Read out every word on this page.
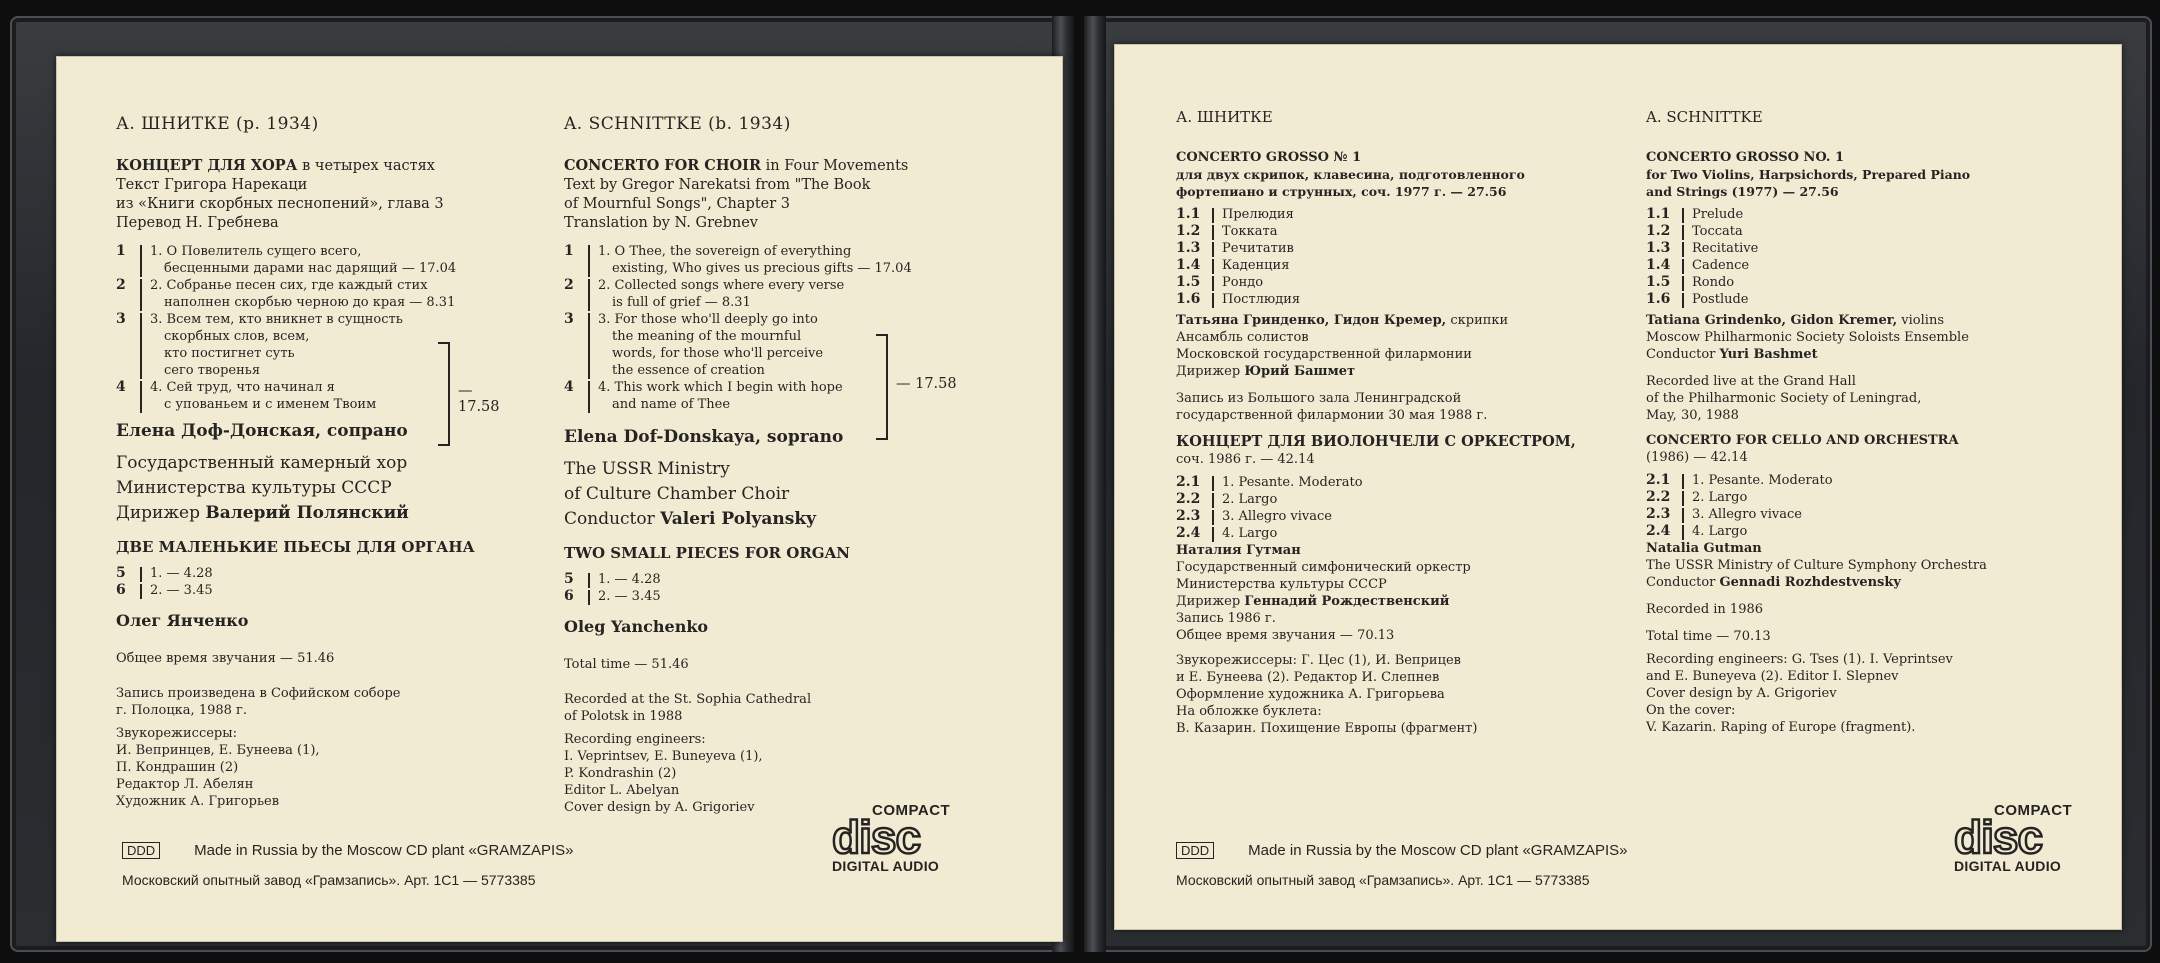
А. ШНИТКЕ (р. 1934)
КОНЦЕРТ ДЛЯ ХОРА в четырех частях
Текст Григора Нарекаци
из «Книги скорбных песнопений», глава 3
Перевод Н. Гребнева
1	1. О Повелитель сущего всего,
бесценными дарами нас дарящий — 17.04
2	2. Собранье песен сих, где каждый стих
наполнен скорбью черною до края — 8.31
3	3. Всем тем, кто вникнет в сущность
скорбных слов, всем,
кто постигнет суть
сего творенья
4	4. Сей труд, что начинал я
с упованьем и с именем Твоим
— 17.58
Елена Доф-Донская, сопрано
Государственный камерный хор
Министерства культуры СССР
Дирижер Валерий Полянский
ДВЕ МАЛЕНЬКИЕ ПЬЕСЫ ДЛЯ ОРГАНА
5	1. — 4.28
6	2. — 3.45
Олег Янченко
Общее время звучания — 51.46
Запись произведена в Софийском соборе
г. Полоцка, 1988 г.
Звукорежиссеры:
И. Вепринцев, Е. Бунеева (1),
П. Кондрашин (2)
Редактор Л. Абелян
Художник А. Григорьев
A. SCHNITTKE (b. 1934)
CONCERTO FOR CHOIR in Four Movements
Text by Gregor Narekatsi from "The Book
of Mournful Songs", Chapter 3
Translation by N. Grebnev
1	1. O Thee, the sovereign of everything
existing, Who gives us precious gifts — 17.04
2	2. Collected songs where every verse
is full of grief — 8.31
3	3. For those who'll deeply go into
the meaning of the mournful
words, for those who'll perceive
the essence of creation
4	4. This work which I begin with hope
and name of Thee
— 17.58
Elena Dof-Donskaya, soprano
The USSR Ministry
of Culture Chamber Choir
Conductor Valeri Polyansky
TWO SMALL PIECES FOR ORGAN
5	1. — 4.28
6	2. — 3.45
Oleg Yanchenko
Total time — 51.46
Recorded at the St. Sophia Cathedral
of Polotsk in 1988
Recording engineers:
I. Veprintsev, E. Buneyeva (1),
P. Kondrashin (2)
Editor L. Abelyan
Cover design by A. Grigoriev	COMPACT
disc
DIGITAL AUDIO
DDD	Made in Russia by the Moscow CD plant «GRAMZAPIS»
Московский опытный завод «Грамзапись». Арт. 1С1 — 5773385
А. ШНИТКЕ
CONCERTO GROSSO № 1
для двух скрипок, клавесина, подготовленного
фортепиано и струнных, соч. 1977 г. — 27.56
1.1	Прелюдия
1.2	Токката
1.3	Речитатив
1.4	Каденция
1.5	Рондо
1.6	Постлюдия
Татьяна Гринденко, Гидон Кремер, скрипки
Ансамбль солистов
Московской государственной филармонии
Дирижер Юрий Башмет
Запись из Большого зала Ленинградской
государственной филармонии 30 мая 1988 г.
КОНЦЕРТ ДЛЯ ВИОЛОНЧЕЛИ С ОРКЕСТРОМ,
соч. 1986 г. — 42.14
2.1	1. Pesante. Moderato
2.2	2. Largo
2.3	3. Allegro vivace
2.4	4. Largo
Наталия Гутман
Государственный симфонический оркестр
Министерства культуры СССР
Дирижер Геннадий Рождественский
Запись 1986 г.
Общее время звучания — 70.13
Звукорежиссеры: Г. Цес (1), И. Веприцев
и Е. Бунеева (2). Редактор И. Слепнев
Оформление художника А. Григорьева
На обложке буклета:
В. Казарин. Похищение Европы (фрагмент)
A. SCHNITTKE
CONCERTO GROSSO NO. 1
for Two Violins, Harpsichords, Prepared Piano
and Strings (1977) — 27.56
1.1	Prelude
1.2	Toccata
1.3	Recitative
1.4	Cadence
1.5	Rondo
1.6	Postlude
Tatiana Grindenko, Gidon Kremer, violins
Moscow Philharmonic Society Soloists Ensemble
Conductor Yuri Bashmet
Recorded live at the Grand Hall
of the Philharmonic Society of Leningrad,
May, 30, 1988
CONCERTO FOR CELLO AND ORCHESTRA
(1986) — 42.14
2.1	1. Pesante. Moderato
2.2	2. Largo
2.3	3. Allegro vivace
2.4	4. Largo
Natalia Gutman
The USSR Ministry of Culture Symphony Orchestra
Conductor Gennadi Rozhdestvensky
Recorded in 1986
Total time — 70.13
Recording engineers: G. Tses (1). I. Veprintsev
and E. Buneyeva (2). Editor I. Slepnev
Cover design by A. Grigoriev
On the cover:
V. Kazarin. Raping of Europe (fragment).
COMPACT
disc
DIGITAL AUDIO
DDD	Made in Russia by the Moscow CD plant «GRAMZAPIS»
Московский опытный завод «Грамзапись». Арт. 1С1 — 5773385
